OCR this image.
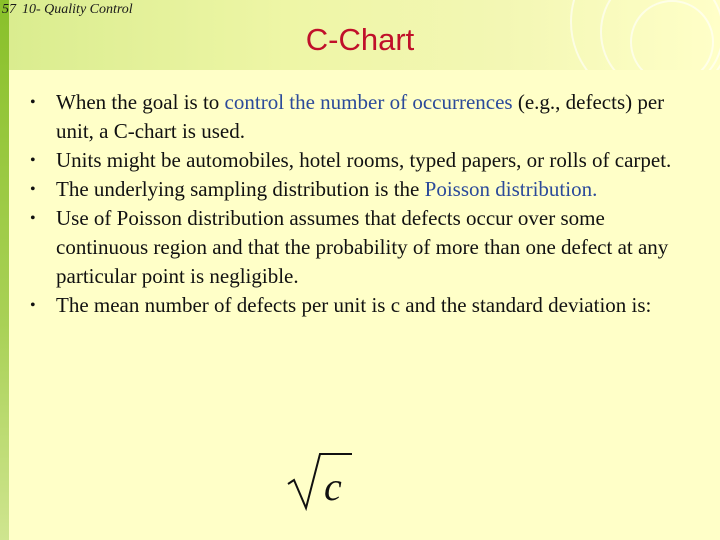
57 10- Quality Control
C-Chart
• When the goal is to control the number of occurrences (e.g., defects) per unit, a C-chart is used.
• Units might be automobiles, hotel rooms, typed papers, or rolls of carpet.
• The underlying sampling distribution is the Poisson distribution.
• Use of Poisson distribution assumes that defects occur over some continuous region and that the probability of more than one defect at any particular point is negligible.
• The mean number of defects per unit is c and the standard deviation is:
c
